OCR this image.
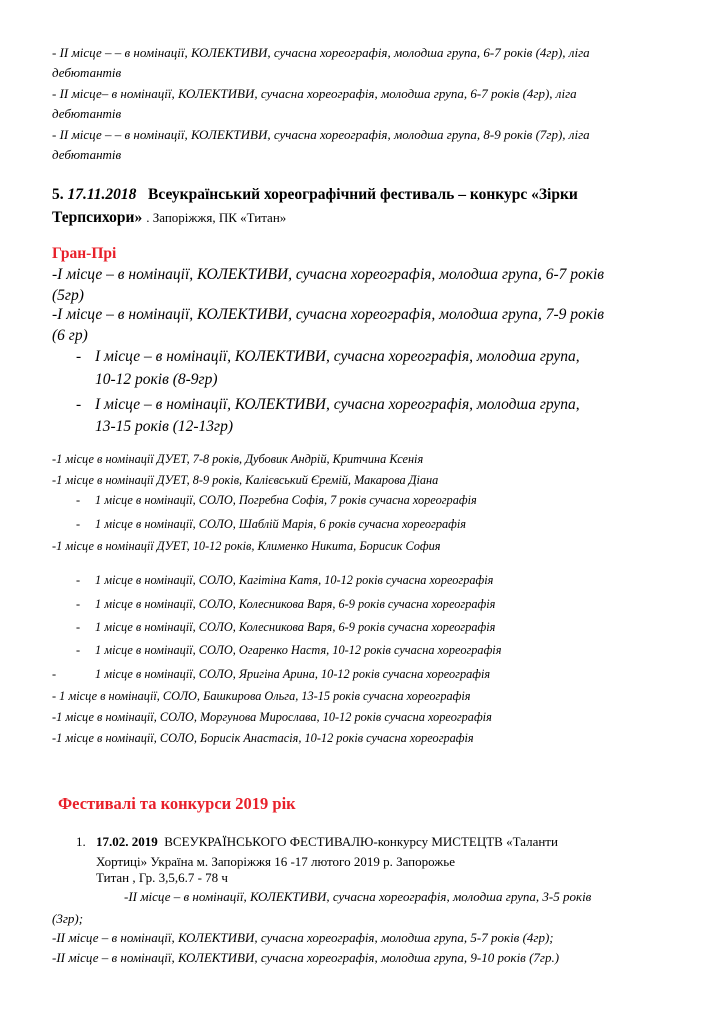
- ІІ місце – – в номінації, КОЛЕКТИВИ, сучасна хореографія, молодша група, 6-7 років (4гр), ліга
дебютантів
- ІІ місце– в номінації, КОЛЕКТИВИ, сучасна хореографія, молодша група, 6-7 років (4гр), ліга
дебютантів
- ІІ місце – – в номінації, КОЛЕКТИВИ, сучасна хореографія, молодша група, 8-9 років (7гр), ліга
дебютантів
5. 17.11.2018 Всеукраїнський хореографічний фестиваль – конкурс «Зірки
Терпсихори» . Запоріжжя, ПК «Титан»
Гран-Прі
-І місце – в номінації, КОЛЕКТИВИ, сучасна хореографія, молодша група, 6-7 років
(5гр)
-І місце – в номінації, КОЛЕКТИВИ, сучасна хореографія, молодша група, 7-9 років
(6 гр)
- І місце – в номінації, КОЛЕКТИВИ, сучасна хореографія, молодша група,
10-12 років (8-9гр)
- І місце – в номінації, КОЛЕКТИВИ, сучасна хореографія, молодша група,
13-15 років (12-13гр)
-1 місце в номінації ДУЕТ, 7-8 років, Дубовик Андрій, Критчина Ксенія
-1 місце в номінації ДУЕТ, 8-9 років, Калієвський Єремій, Макарова Діана
- 1 місце в номінації, СОЛО, Погребна Софія, 7 років сучасна хореографія
- 1 місце в номінації, СОЛО, Шаблій Марія, 6 років сучасна хореографія
-1 місце в номінації ДУЕТ, 10-12 років, Клименко Никита, Борисик София
- 1 місце в номінації, СОЛО, Кагітіна Катя, 10-12 років сучасна хореографія
- 1 місце в номінації, СОЛО, Колесникова Варя, 6-9 років сучасна хореографія
- 1 місце в номінації, СОЛО, Колесникова Варя, 6-9 років сучасна хореографія
- 1 місце в номінації, СОЛО, Огаренко Настя, 10-12 років сучасна хореографія
-	1 місце в номінації, СОЛО, Яригіна Арина, 10-12 років сучасна хореографія
- 1 місце в номінації, СОЛО, Башкирова Ольга, 13-15 років сучасна хореографія
-1 місце в номінації, СОЛО, Моргунова Мирослава, 10-12 років сучасна хореографія
-1 місце в номінації, СОЛО, Борисік Анастасія, 10-12 років сучасна хореографія
Фестивалі та конкурси 2019 рік
1. 17.02. 2019 ВСЕУКРАЇНСЬКОГО ФЕСТИВАЛЮ-конкурсу МИСТЕЦТВ «Таланти
Хортиці» Україна м. Запоріжжя 16 -17 лютого 2019 р. Запорожье
Титан , Гр. 3,5,6.7 - 78 ч
-ІІ місце – в номінації, КОЛЕКТИВИ, сучасна хореографія, молодша група, 3-5 років
(3гр);
-ІІ місце – в номінації, КОЛЕКТИВИ, сучасна хореографія, молодша група, 5-7 років (4гр);
-ІІ місце – в номінації, КОЛЕКТИВИ, сучасна хореографія, молодша група, 9-10 років (7гр.)
